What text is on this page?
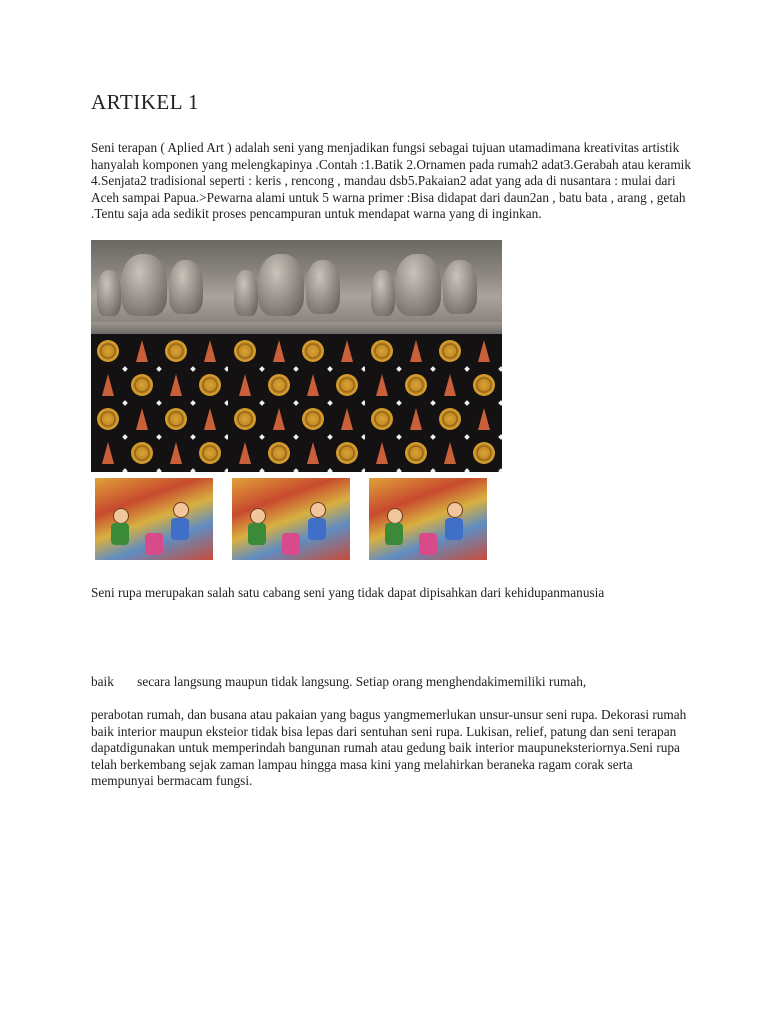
ARTIKEL 1

Seni terapan ( Aplied Art ) adalah seni yang menjadikan fungsi sebagai tujuan utamadimana kreativitas artistik hanyalah komponen yang melengkapinya .Contah :1.Batik 2.Ornamen pada rumah2 adat3.Gerabah atau keramik 4.Senjata2 tradisional seperti : keris , rencong , mandau dsb5.Pakaian2 adat yang ada di nusantara : mulai dari Aceh sampai Papua.>Pewarna alami untuk 5 warna primer :Bisa didapat dari daun2an , batu bata , arang , getah .Tentu saja ada sedikit proses pencampuran untuk mendapat warna yang di inginkan.

Seni rupa merupakan salah satu cabang seni yang tidak dapat dipisahkan dari kehidupanmanusia

baik       secara langsung maupun tidak langsung. Setiap orang menghendakimemiliki rumah,

perabotan rumah, dan busana atau pakaian yang bagus yangmemerlukan unsur-unsur seni rupa. Dekorasi rumah baik interior maupun eksteior tidak bisa lepas dari sentuhan seni rupa. Lukisan, relief, patung dan seni terapan dapatdigunakan untuk memperindah bangunan rumah atau gedung baik interior maupuneksteriornya.Seni rupa telah berkembang sejak zaman lampau hingga masa kini yang melahirkan beraneka ragam corak serta mempunyai bermacam fungsi.
